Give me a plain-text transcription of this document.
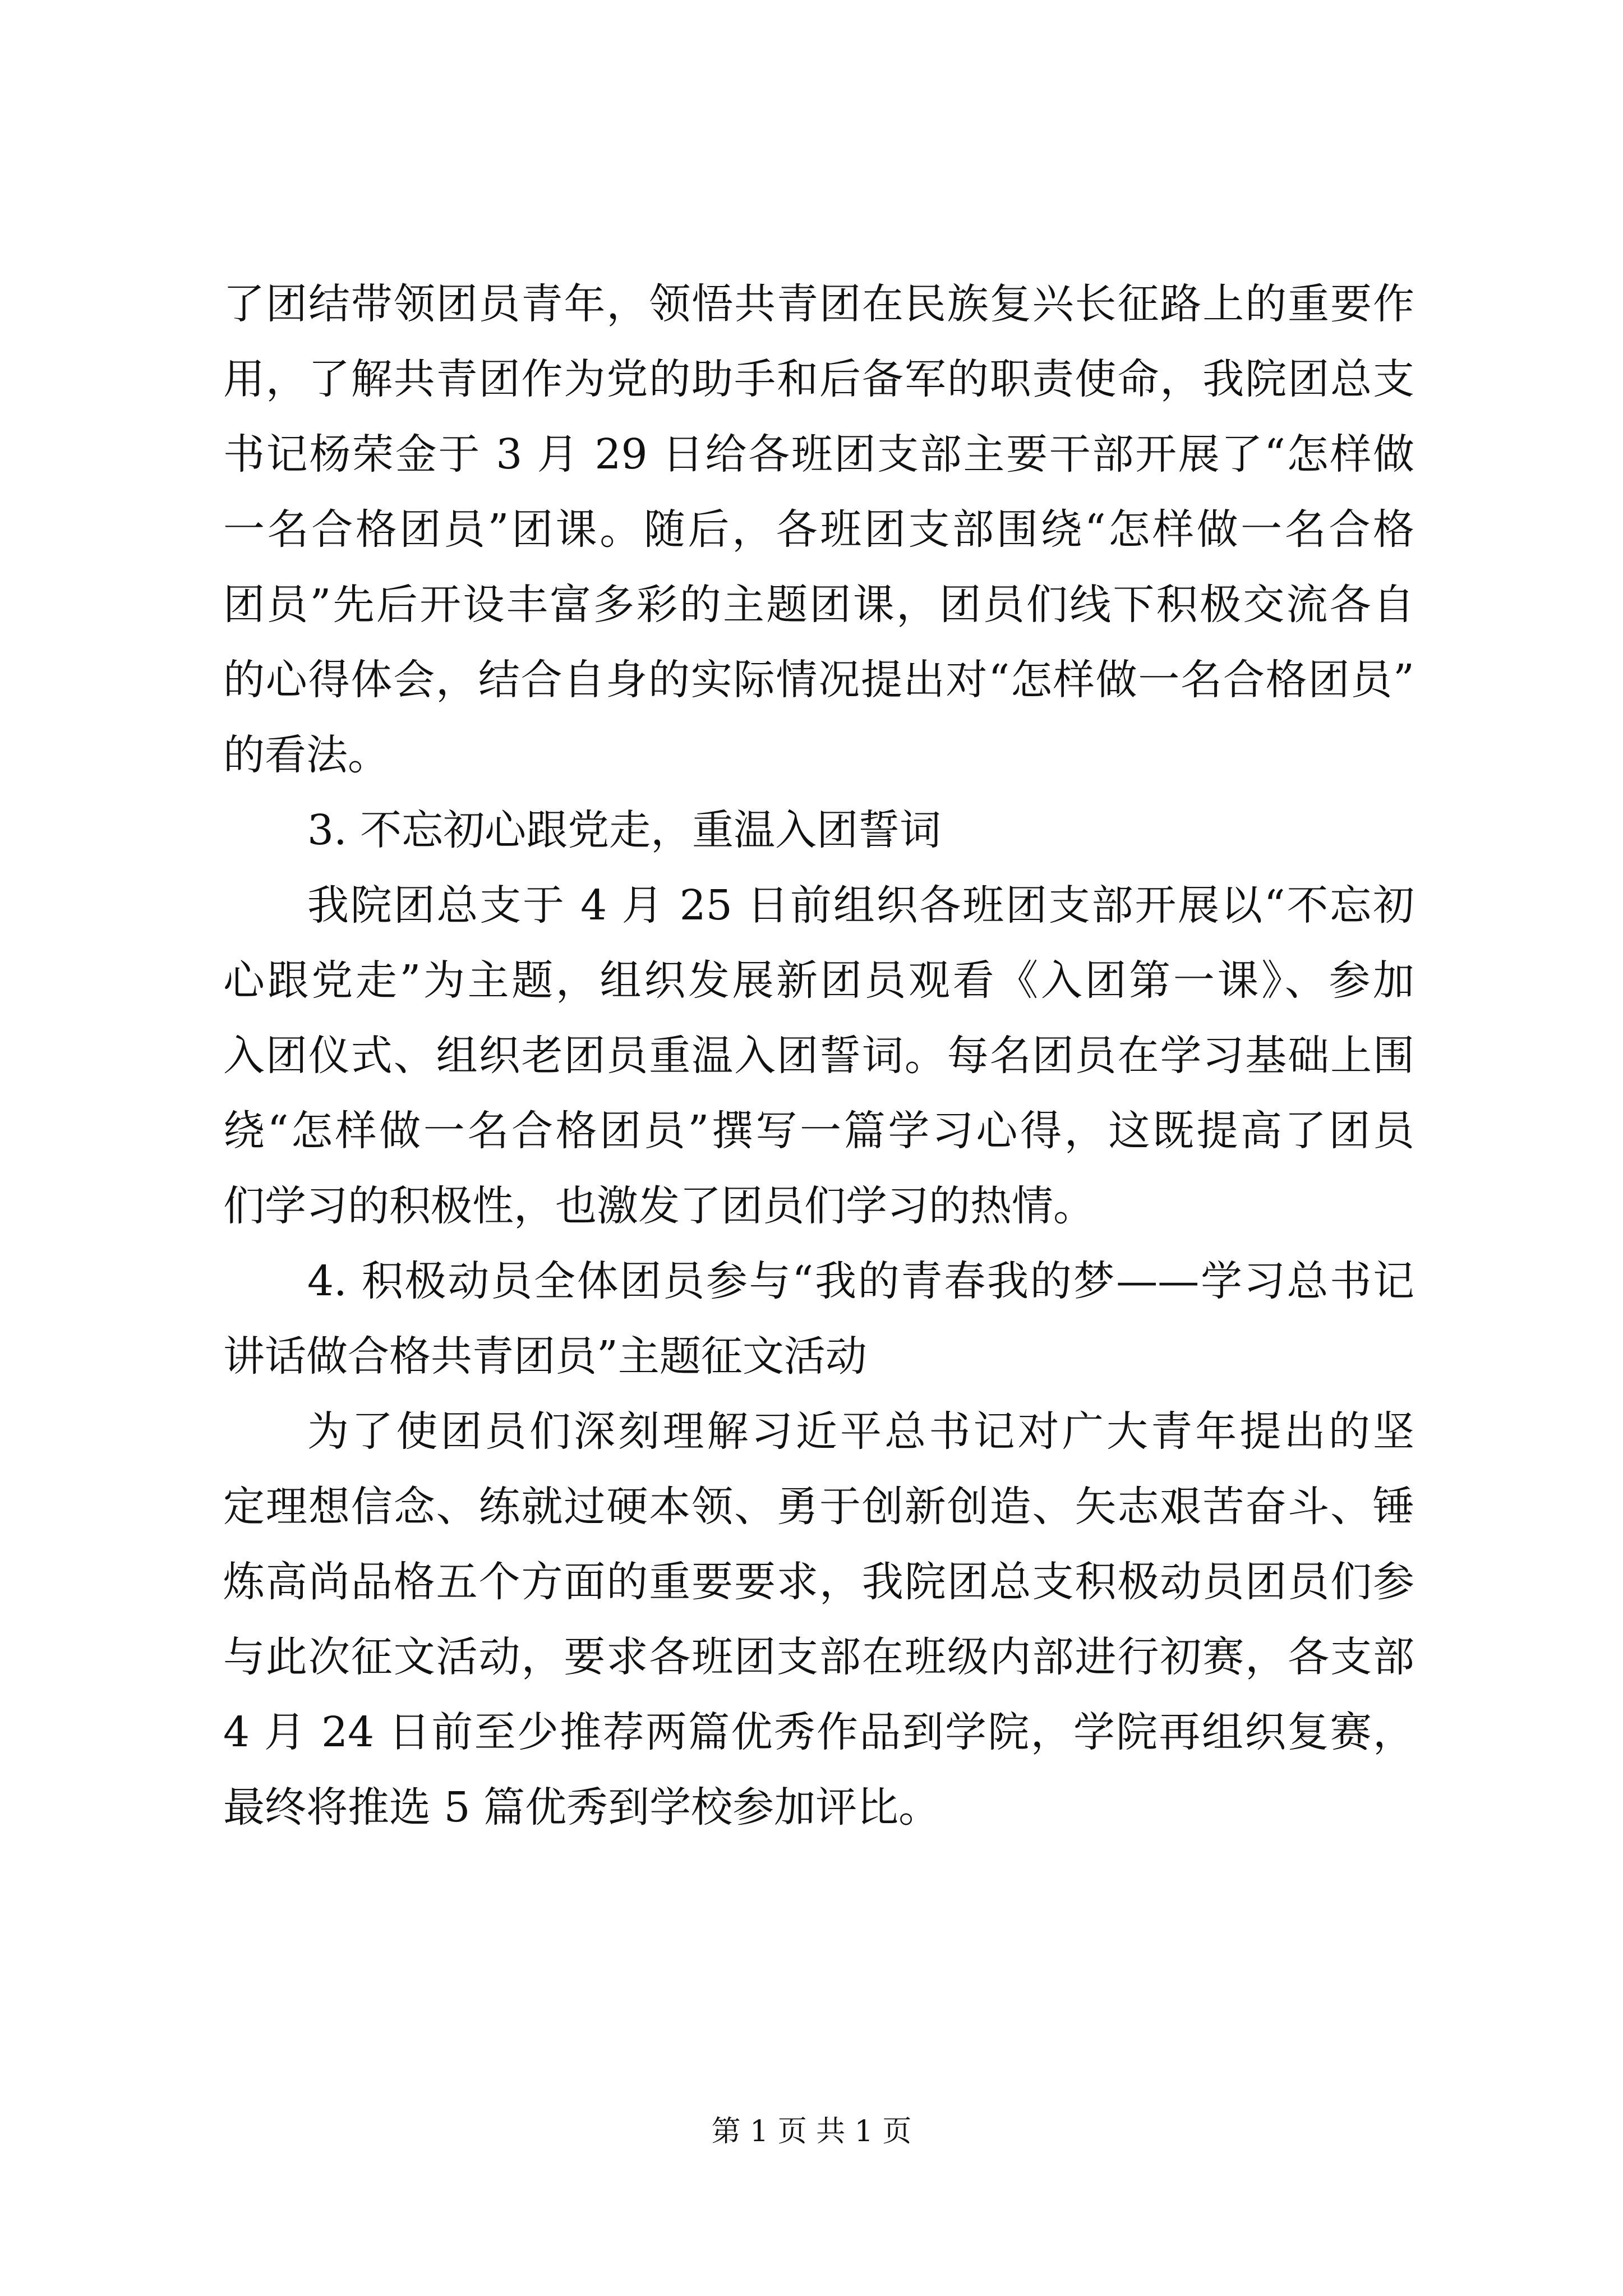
了团结带领团员青年，领悟共青团在民族复兴长征路上的重要作
用，了解共青团作为党的助手和后备军的职责使命，我院团总支
书记杨荣金于 3 月 29 日给各班团支部主要干部开展了“怎样做
一名合格团员”团课。随后，各班团支部围绕“怎样做一名合格
团员”先后开设丰富多彩的主题团课，团员们线下积极交流各自
的心得体会，结合自身的实际情况提出对“怎样做一名合格团员”
的看法。
3. 不忘初心跟党走，重温入团誓词
我院团总支于 4 月 25 日前组织各班团支部开展以“不忘初
心跟党走”为主题，组织发展新团员观看《入团第一课》、参加
入团仪式、组织老团员重温入团誓词。每名团员在学习基础上围
绕“怎样做一名合格团员”撰写一篇学习心得，这既提高了团员
们学习的积极性，也激发了团员们学习的热情。
4. 积极动员全体团员参与“我的青春我的梦——学习总书记
讲话做合格共青团员”主题征文活动
为了使团员们深刻理解习近平总书记对广大青年提出的坚
定理想信念、练就过硬本领、勇于创新创造、矢志艰苦奋斗、锤
炼高尚品格五个方面的重要要求，我院团总支积极动员团员们参
与此次征文活动，要求各班团支部在班级内部进行初赛，各支部
4 月 24 日前至少推荐两篇优秀作品到学院，学院再组织复赛，
最终将推选 5 篇优秀到学校参加评比。
第 1 页 共 1 页
